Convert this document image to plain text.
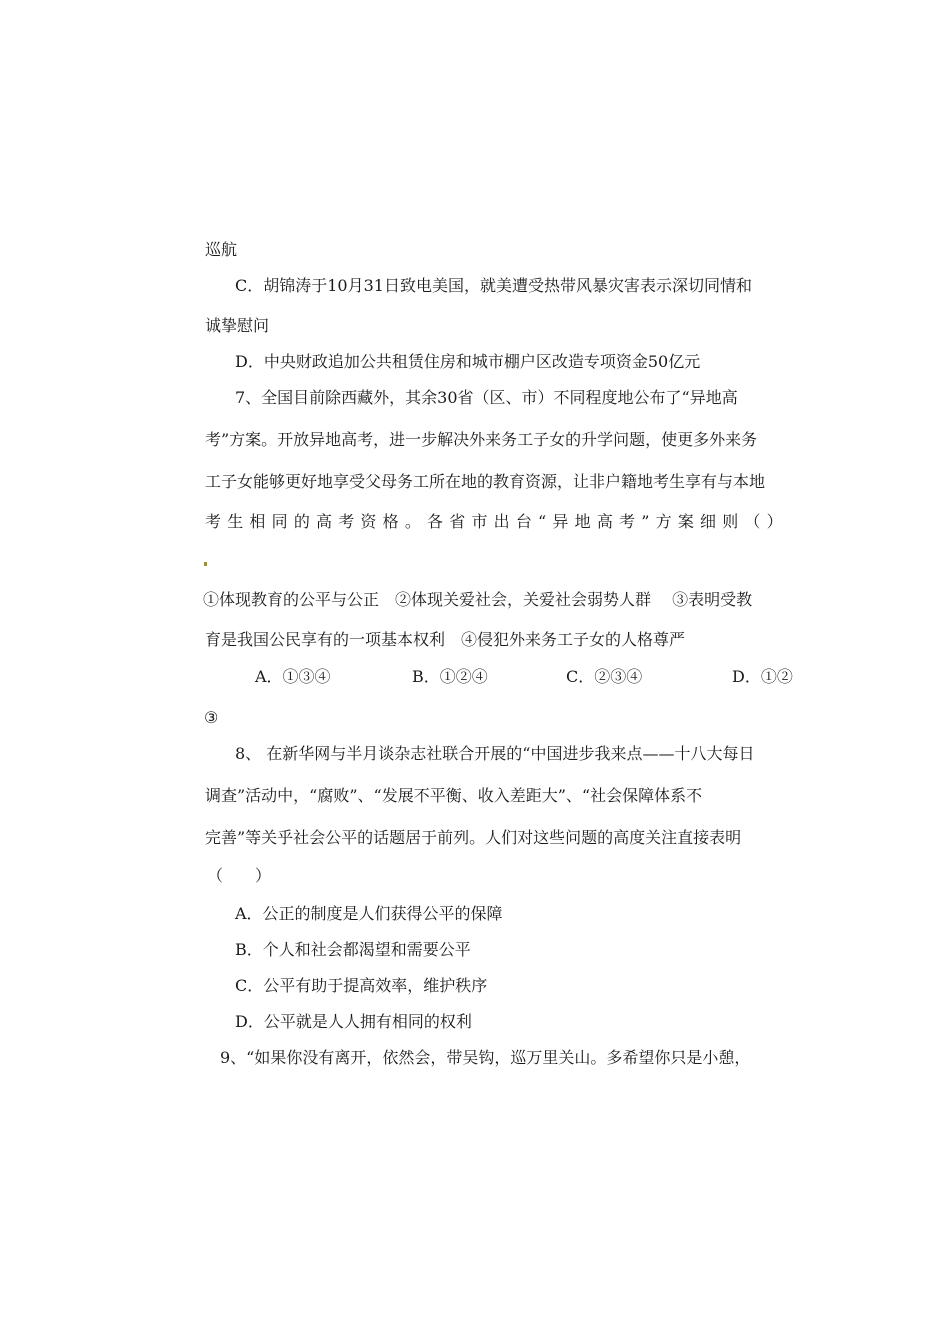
巡航
C．胡锦涛于10月31日致电美国，就美遭受热带风暴灾害表示深切同情和
诚挚慰问
D．中央财政追加公共租赁住房和城市棚户区改造专项资金50亿元
7、全国目前除西藏外，其余30省（区、市）不同程度地公布了“异地高
考”方案。开放异地高考，进一步解决外来务工子女的升学问题，使更多外来务
工子女能够更好地享受父母务工所在地的教育资源，让非户籍地考生享有与本地
考 生 相 同 的 高 考 资 格 。 各 省 市 出 台 “ 异 地 高 考 ” 方 案 细 则 （ ）
①体现教育的公平与公正　②体现关爱社会，关爱社会弱势人群　 ③表明受教
育是我国公民享有的一项基本权利　④侵犯外来务工子女的人格尊严
A．①③④	B．①②④	C．②③④	D．①②
③
8、 在新华网与半月谈杂志社联合开展的“中国进步我来点——十八大每日
调查”活动中，“腐败”、“发展不平衡、收入差距大”、“社会保障体系不
完善”等关乎社会公平的话题居于前列。人们对这些问题的高度关注直接表明
（　　）
A．公正的制度是人们获得公平的保障
B．个人和社会都渴望和需要公平
C．公平有助于提高效率，维护秩序
D．公平就是人人拥有相同的权利
9、“如果你没有离开，依然会，带吴钩，巡万里关山。多希望你只是小憩，
